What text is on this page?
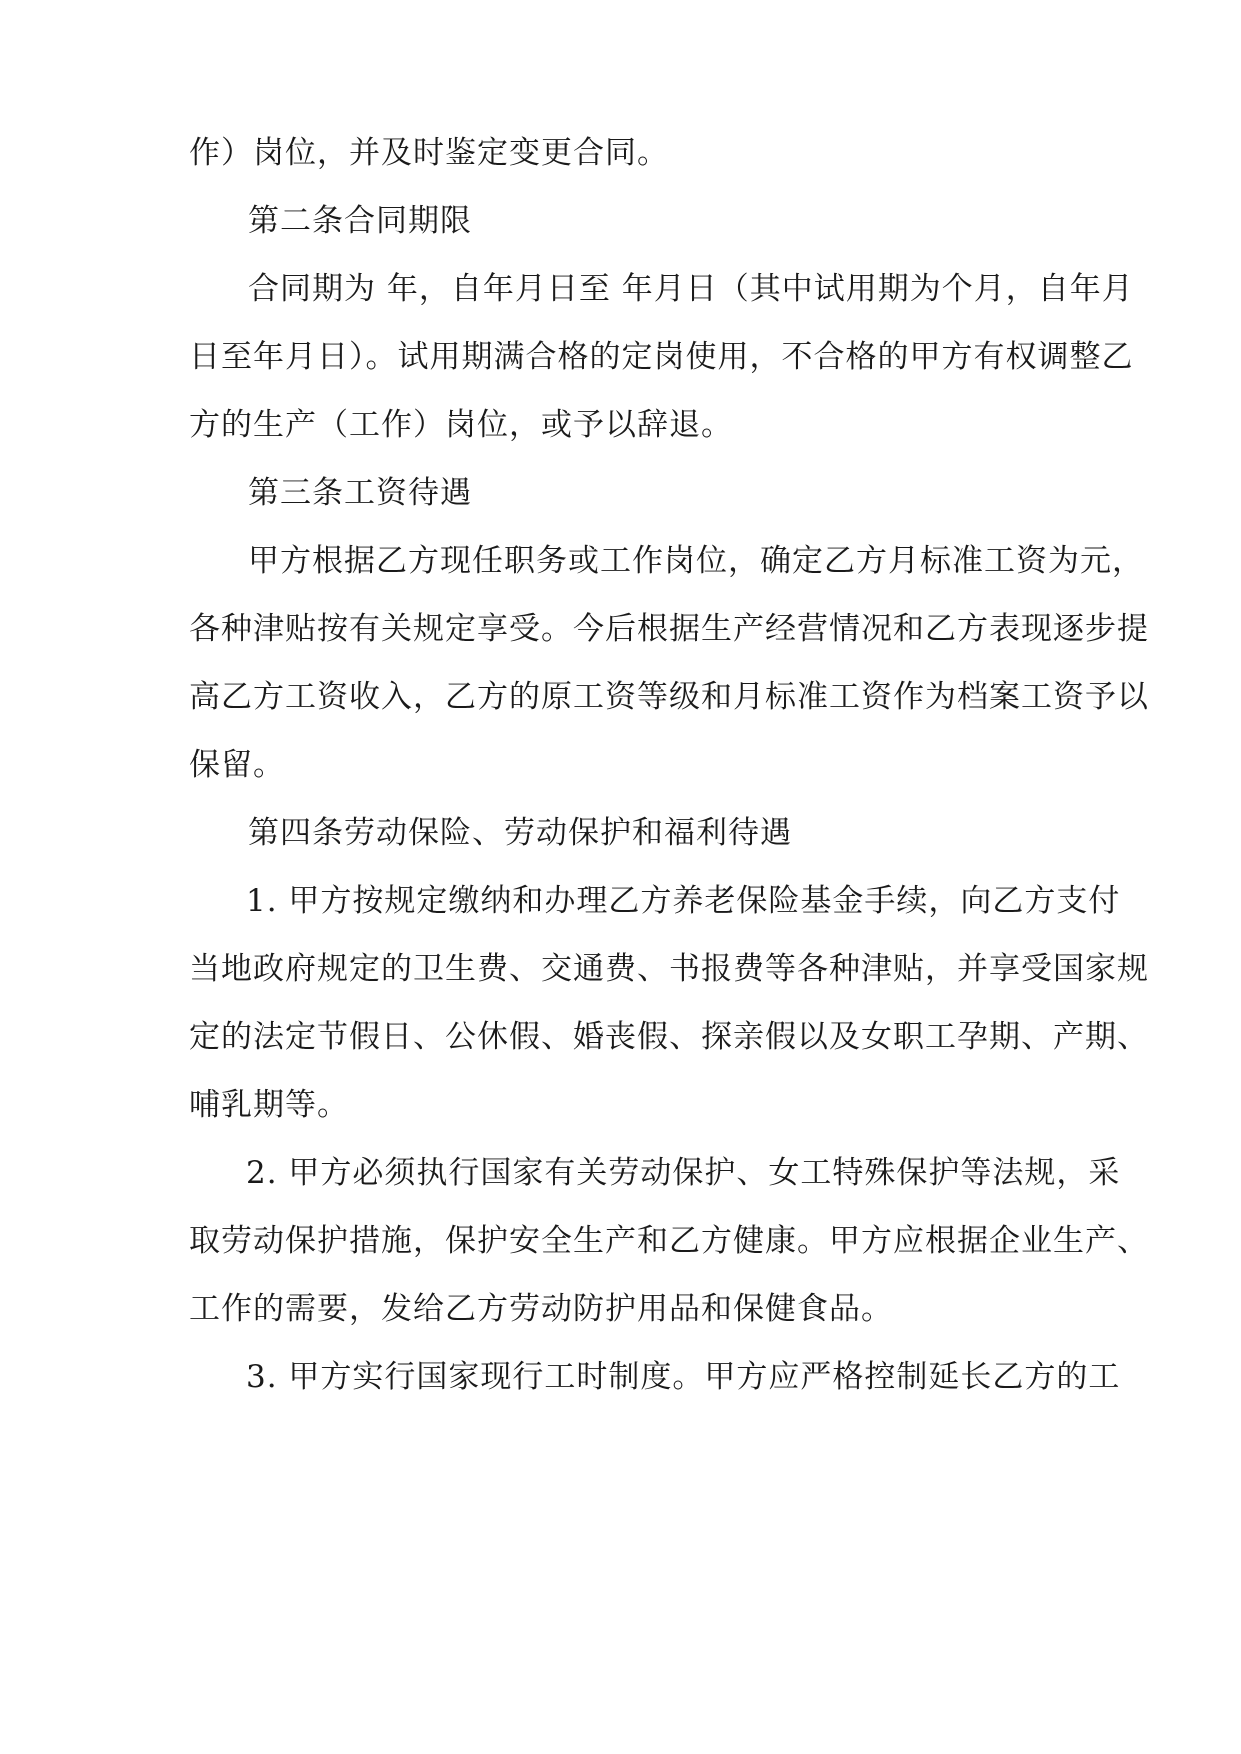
作）岗位，并及时鉴定变更合同。
第二条合同期限
合同期为 年，自年月日至 年月日（其中试用期为个月，自年月
日至年月日）。试用期满合格的定岗使用，不合格的甲方有权调整乙
方的生产（工作）岗位，或予以辞退。
第三条工资待遇
甲方根据乙方现任职务或工作岗位，确定乙方月标准工资为元，
各种津贴按有关规定享受。今后根据生产经营情况和乙方表现逐步提
高乙方工资收入，乙方的原工资等级和月标准工资作为档案工资予以
保留。
第四条劳动保险、劳动保护和福利待遇
1. 甲方按规定缴纳和办理乙方养老保险基金手续，向乙方支付
当地政府规定的卫生费、交通费、书报费等各种津贴，并享受国家规
定的法定节假日、公休假、婚丧假、探亲假以及女职工孕期、产期、
哺乳期等。
2. 甲方必须执行国家有关劳动保护、女工特殊保护等法规，采
取劳动保护措施，保护安全生产和乙方健康。甲方应根据企业生产、
工作的需要，发给乙方劳动防护用品和保健食品。
3. 甲方实行国家现行工时制度。甲方应严格控制延长乙方的工
